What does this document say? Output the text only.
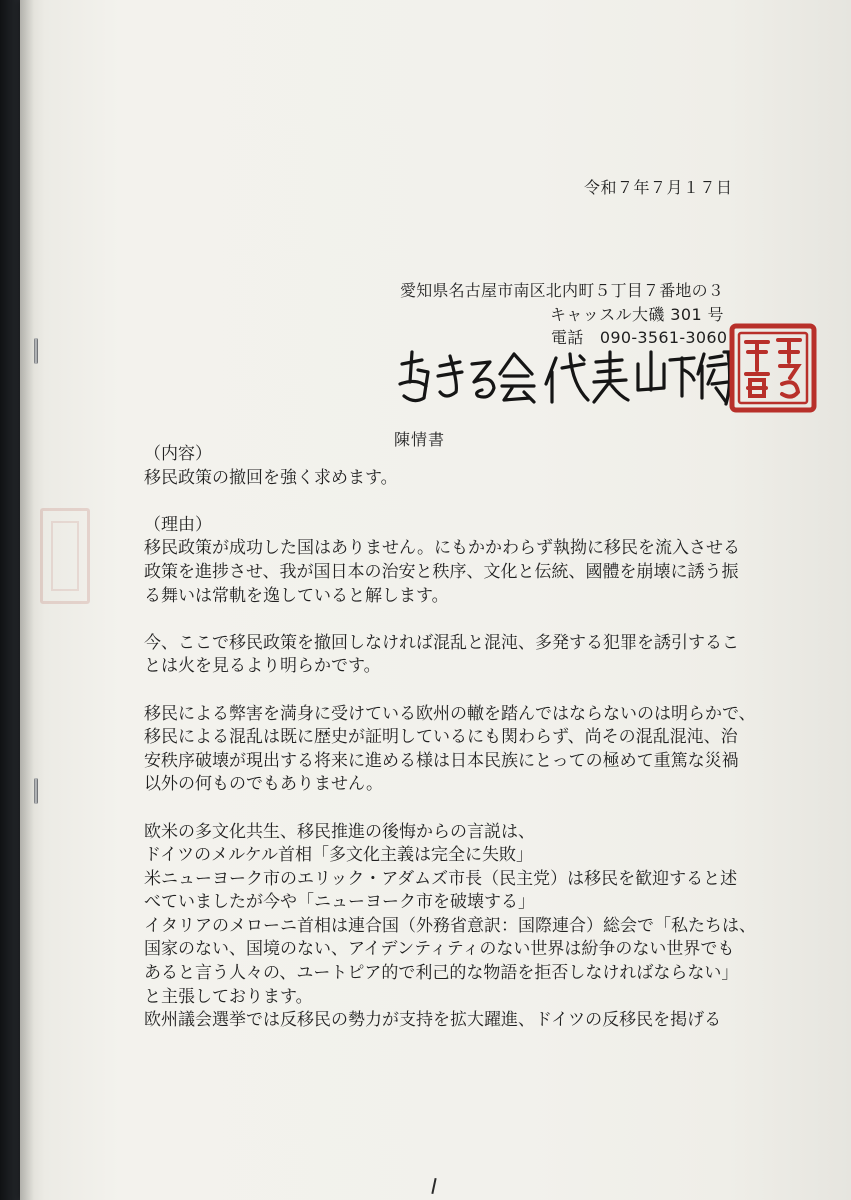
令和７年７月１７日
愛知県名古屋市南区北内町５丁目７番地の３
キャッスル大磯 301 号
電話　090-3561-3060
陳情書
（内容）
移民政策の撤回を強く求めます。
（理由）
移民政策が成功した国はありません。にもかかわらず執拗に移民を流入させる
政策を進捗させ、我が国日本の治安と秩序、文化と伝統、國體を崩壊に誘う振
る舞いは常軌を逸していると解します。
今、ここで移民政策を撤回しなければ混乱と混沌、多発する犯罪を誘引するこ
とは火を見るより明らかです。
移民による弊害を満身に受けている欧州の轍を踏んではならないのは明らかで、
移民による混乱は既に歴史が証明しているにも関わらず、尚その混乱混沌、治
安秩序破壊が現出する将来に進める様は日本民族にとっての極めて重篤な災禍
以外の何ものでもありません。
欧米の多文化共生、移民推進の後悔からの言説は、
ドイツのメルケル首相「多文化主義は完全に失敗」
米ニューヨーク市のエリック・アダムズ市長（民主党）は移民を歓迎すると述
べていましたが今や「ニューヨーク市を破壊する」
イタリアのメローニ首相は連合国（外務省意訳：国際連合）総会で「私たちは、
国家のない、国境のない、アイデンティティのない世界は紛争のない世界でも
あると言う人々の、ユートピア的で利己的な物語を拒否しなければならない」
と主張しております。
欧州議会選挙では反移民の勢力が支持を拡大躍進、ドイツの反移民を掲げる
